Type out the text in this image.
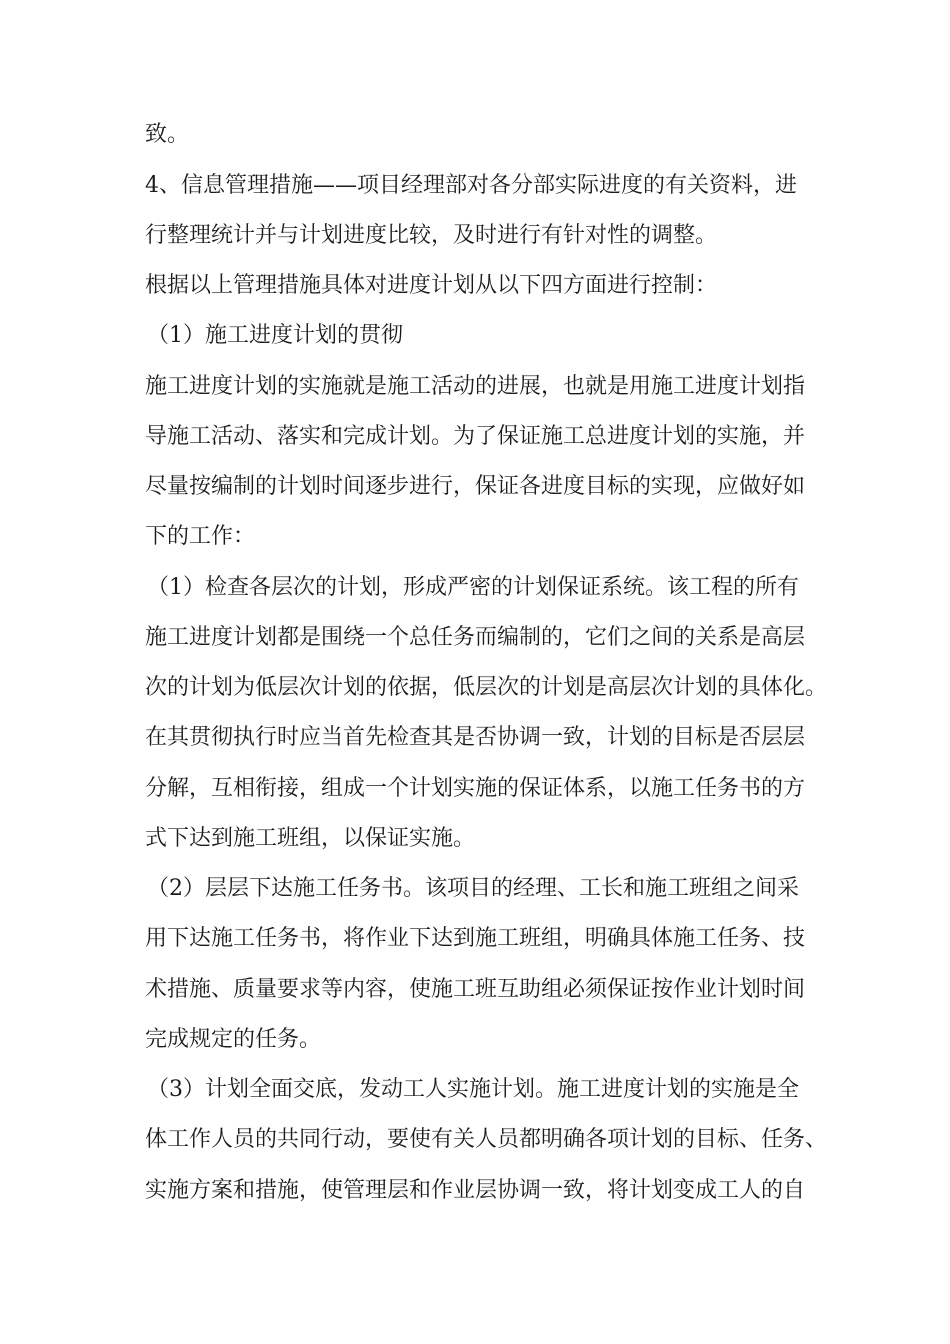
致。
4、信息管理措施——项目经理部对各分部实际进度的有关资料，进
行整理统计并与计划进度比较，及时进行有针对性的调整。
根据以上管理措施具体对进度计划从以下四方面进行控制：
（1）施工进度计划的贯彻
施工进度计划的实施就是施工活动的进展，也就是用施工进度计划指
导施工活动、落实和完成计划。为了保证施工总进度计划的实施，并
尽量按编制的计划时间逐步进行，保证各进度目标的实现，应做好如
下的工作：
（1）检查各层次的计划，形成严密的计划保证系统。该工程的所有
施工进度计划都是围绕一个总任务而编制的，它们之间的关系是高层
次的计划为低层次计划的依据，低层次的计划是高层次计划的具体化。
在其贯彻执行时应当首先检查其是否协调一致，计划的目标是否层层
分解，互相衔接，组成一个计划实施的保证体系，以施工任务书的方
式下达到施工班组，以保证实施。
（2）层层下达施工任务书。该项目的经理、工长和施工班组之间采
用下达施工任务书，将作业下达到施工班组，明确具体施工任务、技
术措施、质量要求等内容，使施工班互助组必须保证按作业计划时间
完成规定的任务。
（3）计划全面交底，发动工人实施计划。施工进度计划的实施是全
体工作人员的共同行动，要使有关人员都明确各项计划的目标、任务、
实施方案和措施，使管理层和作业层协调一致，将计划变成工人的自
